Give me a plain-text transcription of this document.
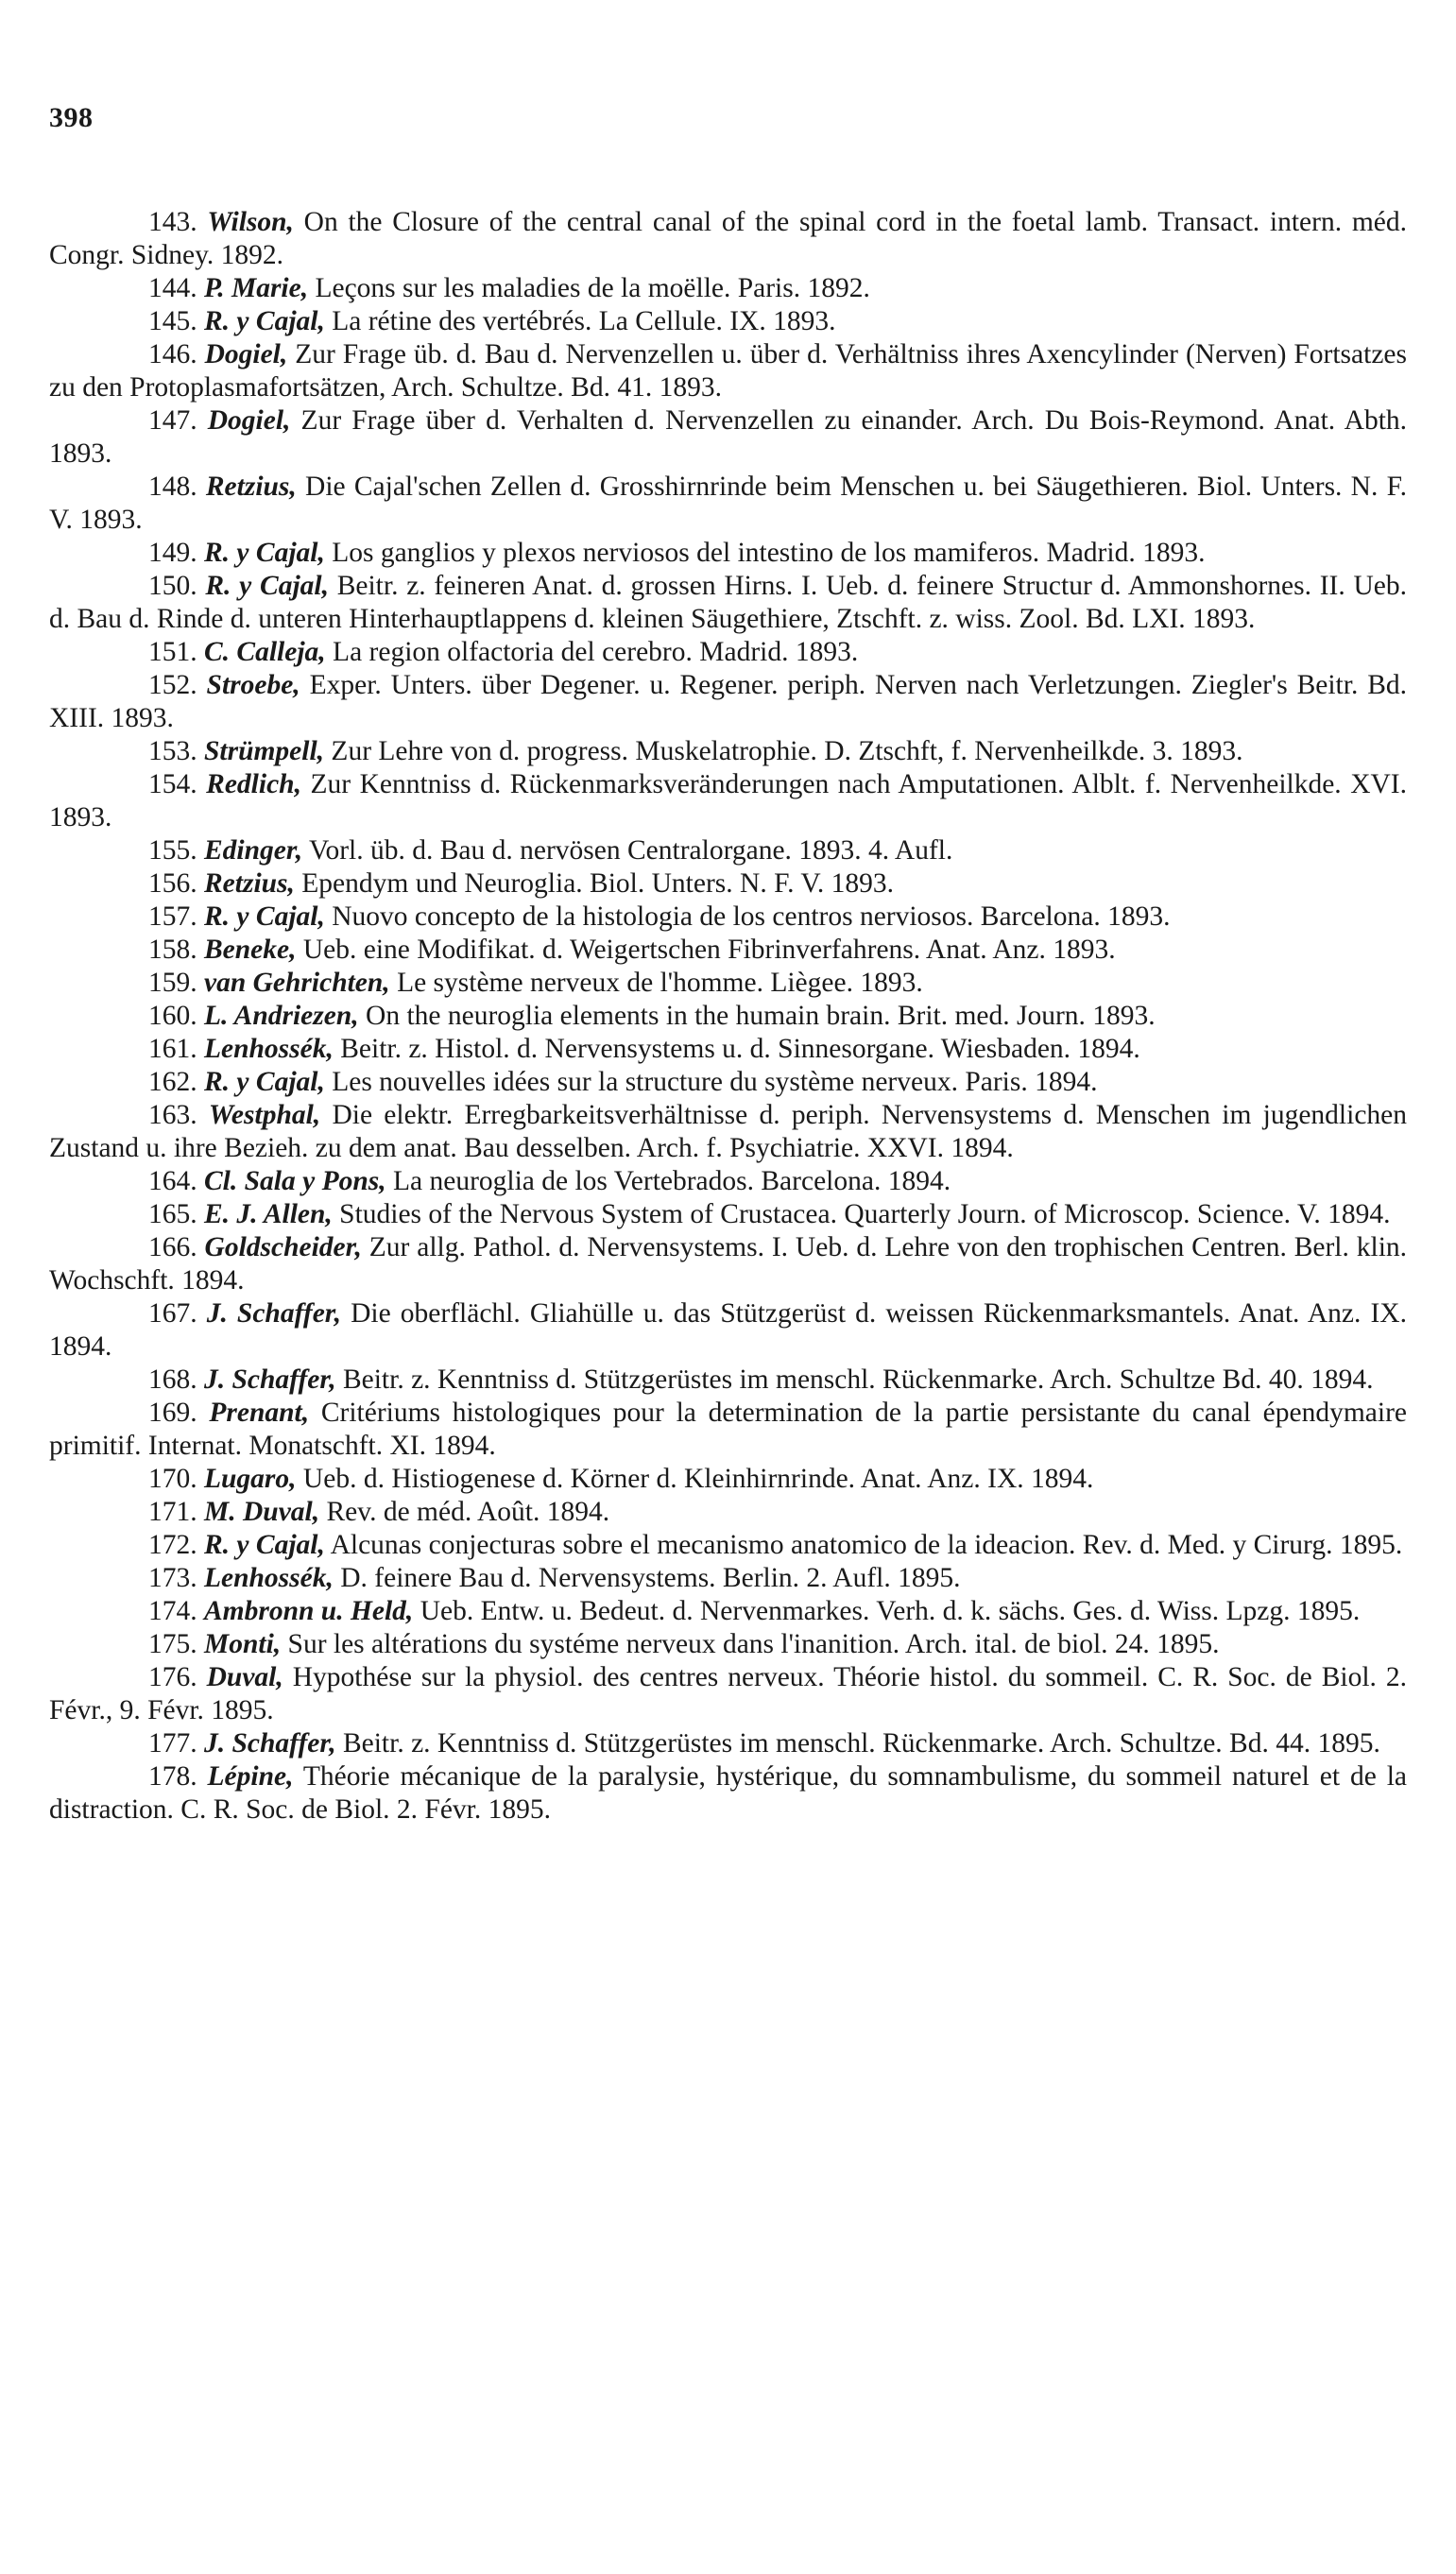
398

143. Wilson, On the Closure of the central canal of the spinal cord in the foetal lamb. Transact. intern. méd. Congr. Sidney. 1892.

144. P. Marie, Leçons sur les maladies de la moëlle. Paris. 1892.

145. R. y Cajal, La rétine des vertébrés. La Cellule. IX. 1893.

146. Dogiel, Zur Frage üb. d. Bau d. Nervenzellen u. über d. Verhältniss ihres Axencylinder (Nerven) Fortsatzes zu den Protoplasmafortsätzen, Arch. Schultze. Bd. 41. 1893.

147. Dogiel, Zur Frage über d. Verhalten d. Nervenzellen zu einander. Arch. Du Bois-Reymond. Anat. Abth. 1893.

148. Retzius, Die Cajal'schen Zellen d. Grosshirnrinde beim Menschen u. bei Säugethieren. Biol. Unters. N. F. V. 1893.

149. R. y Cajal, Los ganglios y plexos nerviosos del intestino de los mamiferos. Madrid. 1893.

150. R. y Cajal, Beitr. z. feineren Anat. d. grossen Hirns. I. Ueb. d. feinere Structur d. Ammonshornes. II. Ueb. d. Bau d. Rinde d. unteren Hinterhauptlappens d. kleinen Säugethiere, Ztschft. z. wiss. Zool. Bd. LXI. 1893.

151. C. Calleja, La region olfactoria del cerebro. Madrid. 1893.

152. Stroebe, Exper. Unters. über Degener. u. Regener. periph. Nerven nach Verletzungen. Ziegler's Beitr. Bd. XIII. 1893.

153. Strümpell, Zur Lehre von d. progress. Muskelatrophie. D. Ztschft, f. Nervenheilkde. 3. 1893.

154. Redlich, Zur Kenntniss d. Rückenmarksveränderungen nach Amputationen. Alblt. f. Nervenheilkde. XVI. 1893.

155. Edinger, Vorl. üb. d. Bau d. nervösen Centralorgane. 1893. 4. Aufl.

156. Retzius, Ependym und Neuroglia. Biol. Unters. N. F. V. 1893.

157. R. y Cajal, Nuovo concepto de la histologia de los centros nerviosos. Barcelona. 1893.

158. Beneke, Ueb. eine Modifikat. d. Weigertschen Fibrinverfahrens. Anat. Anz. 1893.

159. van Gehrichten, Le système nerveux de l'homme. Liègee. 1893.

160. L. Andriezen, On the neuroglia elements in the humain brain. Brit. med. Journ. 1893.

161. Lenhossék, Beitr. z. Histol. d. Nervensystems u. d. Sinnesorgane. Wiesbaden. 1894.

162. R. y Cajal, Les nouvelles idées sur la structure du système nerveux. Paris. 1894.

163. Westphal, Die elektr. Erregbarkeitsverhältnisse d. periph. Nervensystems d. Menschen im jugendlichen Zustand u. ihre Bezieh. zu dem anat. Bau desselben. Arch. f. Psychiatrie. XXVI. 1894.

164. Cl. Sala y Pons, La neuroglia de los Vertebrados. Barcelona. 1894.

165. E. J. Allen, Studies of the Nervous System of Crustacea. Quarterly Journ. of Microscop. Science. V. 1894.

166. Goldscheider, Zur allg. Pathol. d. Nervensystems. I. Ueb. d. Lehre von den trophischen Centren. Berl. klin. Wochschft. 1894.

167. J. Schaffer, Die oberflächl. Gliahülle u. das Stützgerüst d. weissen Rückenmarksmantels. Anat. Anz. IX. 1894.

168. J. Schaffer, Beitr. z. Kenntniss d. Stützgerüstes im menschl. Rückenmarke. Arch. Schultze Bd. 40. 1894.

169. Prenant, Critériums histologiques pour la determination de la partie persistante du canal épendymaire primitif. Internat. Monatschft. XI. 1894.

170. Lugaro, Ueb. d. Histiogenese d. Körner d. Kleinhirnrinde. Anat. Anz. IX. 1894.

171. M. Duval, Rev. de méd. Août. 1894.

172. R. y Cajal, Alcunas conjecturas sobre el mecanismo anatomico de la ideacion. Rev. d. Med. y Cirurg. 1895.

173. Lenhossék, D. feinere Bau d. Nervensystems. Berlin. 2. Aufl. 1895.

174. Ambronn u. Held, Ueb. Entw. u. Bedeut. d. Nervenmarkes. Verh. d. k. sächs. Ges. d. Wiss. Lpzg. 1895.

175. Monti, Sur les altérations du systéme nerveux dans l'inanition. Arch. ital. de biol. 24. 1895.

176. Duval, Hypothése sur la physiol. des centres nerveux. Théorie histol. du sommeil. C. R. Soc. de Biol. 2. Févr., 9. Févr. 1895.

177. J. Schaffer, Beitr. z. Kenntniss d. Stützgerüstes im menschl. Rückenmarke. Arch. Schultze. Bd. 44. 1895.

178. Lépine, Théorie mécanique de la paralysie, hystérique, du somnambulisme, du sommeil naturel et de la distraction. C. R. Soc. de Biol. 2. Févr. 1895.
